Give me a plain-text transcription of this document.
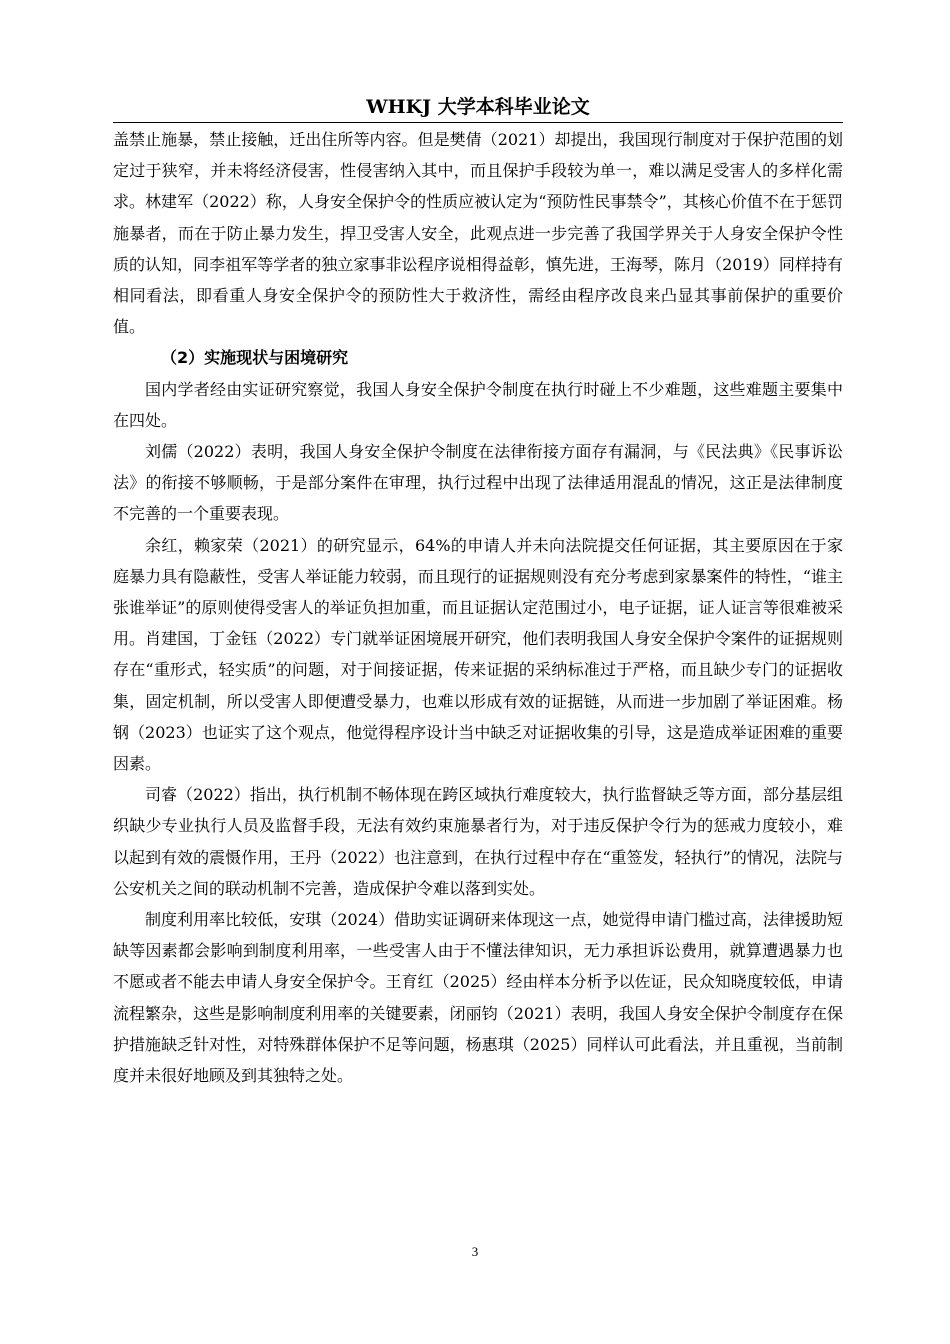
WHKJ 大学本科毕业论文

盖禁止施暴，禁止接触，迁出住所等内容。但是樊倩（2021）却提出，我国现行制度对于保护范围的划定过于狭窄，并未将经济侵害，性侵害纳入其中，而且保护手段较为单一，难以满足受害人的多样化需求。林建军（2022）称，人身安全保护令的性质应被认定为“预防性民事禁令”，其核心价值不在于惩罚施暴者，而在于防止暴力发生，捍卫受害人安全，此观点进一步完善了我国学界关于人身安全保护令性质的认知，同李祖军等学者的独立家事非讼程序说相得益彰，慎先进，王海琴，陈月（2019）同样持有相同看法，即看重人身安全保护令的预防性大于救济性，需经由程序改良来凸显其事前保护的重要价值。

（2）实施现状与困境研究

国内学者经由实证研究察觉，我国人身安全保护令制度在执行时碰上不少难题，这些难题主要集中在四处。

刘儒（2022）表明，我国人身安全保护令制度在法律衔接方面存有漏洞，与《民法典》《民事诉讼法》的衔接不够顺畅，于是部分案件在审理，执行过程中出现了法律适用混乱的情况，这正是法律制度不完善的一个重要表现。

余红，赖家荣（2021）的研究显示，64%的申请人并未向法院提交任何证据，其主要原因在于家庭暴力具有隐蔽性，受害人举证能力较弱，而且现行的证据规则没有充分考虑到家暴案件的特性，“谁主张谁举证”的原则使得受害人的举证负担加重，而且证据认定范围过小，电子证据，证人证言等很难被采用。肖建国，丁金钰（2022）专门就举证困境展开研究，他们表明我国人身安全保护令案件的证据规则存在“重形式，轻实质”的问题，对于间接证据，传来证据的采纳标准过于严格，而且缺少专门的证据收集，固定机制，所以受害人即便遭受暴力，也难以形成有效的证据链，从而进一步加剧了举证困难。杨钢（2023）也证实了这个观点，他觉得程序设计当中缺乏对证据收集的引导，这是造成举证困难的重要因素。

司睿（2022）指出，执行机制不畅体现在跨区域执行难度较大，执行监督缺乏等方面，部分基层组织缺少专业执行人员及监督手段，无法有效约束施暴者行为，对于违反保护令行为的惩戒力度较小，难以起到有效的震慑作用，王丹（2022）也注意到，在执行过程中存在“重签发，轻执行”的情况，法院与公安机关之间的联动机制不完善，造成保护令难以落到实处。

制度利用率比较低，安琪（2024）借助实证调研来体现这一点，她觉得申请门槛过高，法律援助短缺等因素都会影响到制度利用率，一些受害人由于不懂法律知识，无力承担诉讼费用，就算遭遇暴力也不愿或者不能去申请人身安全保护令。王育红（2025）经由样本分析予以佐证，民众知晓度较低，申请流程繁杂，这些是影响制度利用率的关键要素，闭丽钧（2021）表明，我国人身安全保护令制度存在保护措施缺乏针对性，对特殊群体保护不足等问题，杨惠琪（2025）同样认可此看法，并且重视，当前制度并未很好地顾及到其独特之处。

3
